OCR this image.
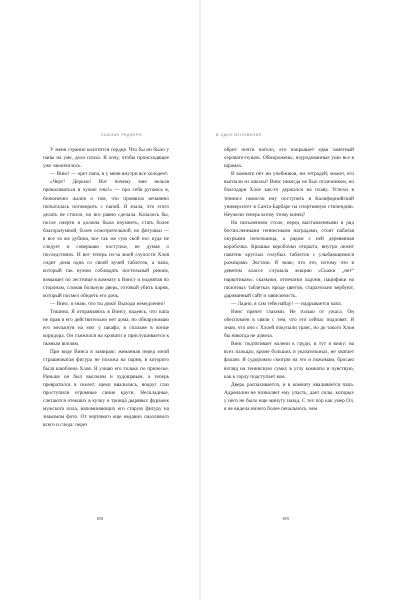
СЬЮЗАН РЕДФЕРН

У меня странно колотится сердце. Что бы ни было у папы на уме, дело плохо. Я хочу, чтобы происходящее уже закончилось.

— Винс! — орет папа, и у меня внутри все холодеет.

«Черт! Дерьмо! Вот почему мне нельзя проваливаться в чужие сны!» — про себя ругаюсь я, безконечно жалея о том, что проявила нечаянно попыталась поговорить с папой. Я знала, что этого делать не стоило, но все равно сделала. Казалось бы, после смерти я должна была поумнеть, стать более благоразумной, более осмотрительной, но фигушки — я все та же дубина, все так же сую свой нос куда не следует и совершаю поступки, не думая о последствиях. И вот теперь из-за моей глупости Хлоя сидит дома одна со своей кучей таблеток, а папа, который так нужно соблюдать постельный режим, взмывает по лестнице в комнату к Винсу и поднятая по сторонам, сломав больную дверь, готовый убить парня, который посмел обидеть его дочь.

— Винс, я знаю, что ты дома! Выходи немедленно!

Тишина. Я отправляюсь в Винсу, надеясь, что папа не прав и его действительно нет дома, но обнаруживаю его мелькнув на миг у шкафа, в спальне в конце коридора. Он съежился на кровати и прислушивается к пьяным воплям.

При виде Винса я замираю: жеманная перед мной страшноватая фигура не похожа на парня, в которого была влюблена Хлоя. Я узнаю его только по прическе. Раньше он был высоким и худощавым, а теперь превратился в скелет: щеки ввалились, вокруг глаз проступили огромные синие круги. Нескладные, слетаются отекших в кучку и троица дырявых фуражек мужского пола, напоминающих его старую фигуру на знакомом фото. От чертового еще недавно смазливого всего и следа: через

188
В ОДНО МГНОВЕНИЕ

обрит почти наголо, его покрывает едва заметный серовато-пушок. Обморожены, изуродованные уши все в шрамах.

В комнате нет ни учебников, ни тетрадей; может, его выгнали из школы? Винс никогда не был отличником, но благодаря Хлое как-то держался на плаву. Успехи в теннисе помогли ему поступить в Калифорнийский университет в Санта-Барбаре на спортивную стипендию. Неужели теперь всему этому конец?

На письменном столе, перед выставленными в ряд бесчисленными теннисными наградами, стоит пабатая окурками пепельница, а рядом с ней деревянная коробочка. Крышка коробочки открыта, внутри лежит пакетик круглых голубых таблеток с улыбающимися рожицами. Экстази. Я знаю, что это, потому что в девятом классе слушала лекцию «Скажи „нет“ наркотикам»: сказкики, отпечатки ладони, пацифики на пилотных таблетках вроде цветов, старательно вербуют, дарованный сайт и зависимость.

— Ладно, я сам тебя найду! — надрывается папа.

Винс прячет глазами. Не только от ужаса. Он обеспокоен в связи с тем, что его сейчас подловят. Я знаю, что оно с Хлоей покупали транс, но до такого Хлоя бы никогда не довела.

Винс подтягивает колени к груди, и тут я вижу: на всех пальцах, кроме больших и указательных, не хватает фаланг. Я судорожно смотрю на это и пожимаю, бросаю взгляд на теннисную сумку в углу комнаты и чувствую, как к горлу подступает ком.

Дверь распахивается, и в комнату вваливается папа. Адреналин не позволяет ему упасть, дает силы, которых у него не было еще минуту назад. С тех пор как умер Ол, я не видела ничего более печального, чем

189
